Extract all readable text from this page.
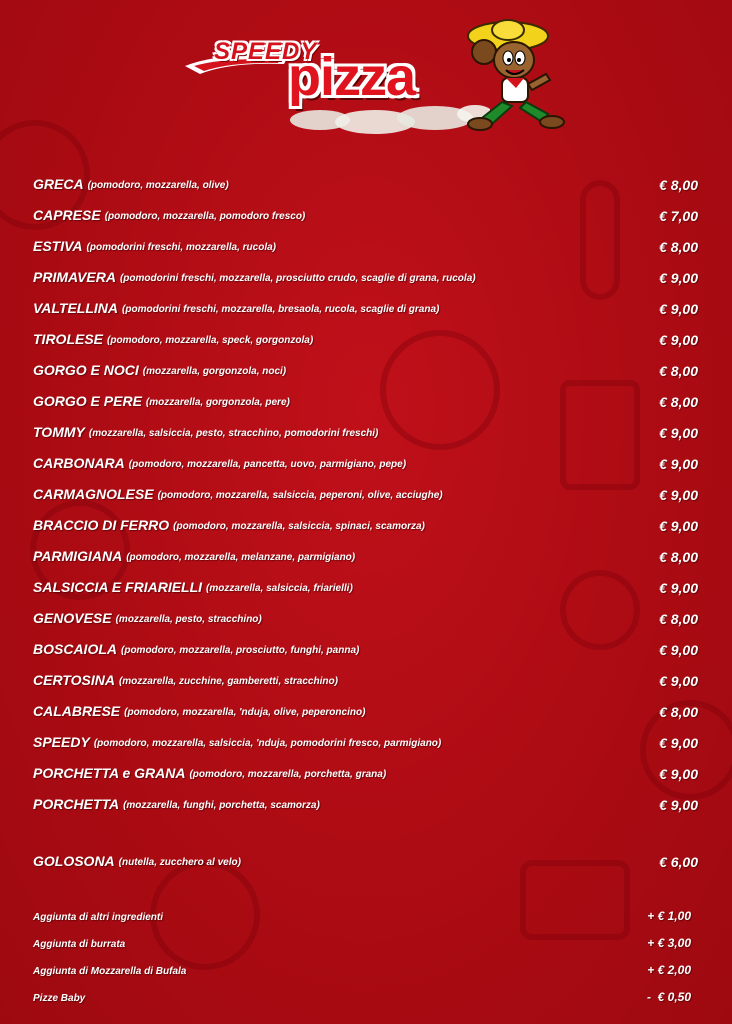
SPEEDY
pizza
GRECA (pomodoro, mozzarella, olive)	€ 8,00
CAPRESE (pomodoro, mozzarella, pomodoro fresco)	€ 7,00
ESTIVA (pomodorini freschi, mozzarella, rucola)	€ 8,00
PRIMAVERA (pomodorini freschi, mozzarella, prosciutto crudo, scaglie di grana, rucola)	€ 9,00
VALTELLINA (pomodorini freschi, mozzarella, bresaola, rucola, scaglie di grana)	€ 9,00
TIROLESE (pomodoro, mozzarella, speck, gorgonzola)	€ 9,00
GORGO E NOCI (mozzarella, gorgonzola, noci)	€ 8,00
GORGO E PERE (mozzarella, gorgonzola, pere)	€ 8,00
TOMMY (mozzarella, salsiccia, pesto, stracchino, pomodorini freschi)	€ 9,00
CARBONARA (pomodoro, mozzarella, pancetta, uovo, parmigiano, pepe)	€ 9,00
CARMAGNOLESE (pomodoro, mozzarella, salsiccia, peperoni, olive, acciughe)	€ 9,00
BRACCIO DI FERRO (pomodoro, mozzarella, salsiccia, spinaci, scamorza)	€ 9,00
PARMIGIANA (pomodoro, mozzarella, melanzane, parmigiano)	€ 8,00
SALSICCIA E FRIARIELLI (mozzarella, salsiccia, friarielli)	€ 9,00
GENOVESE (mozzarella, pesto, stracchino)	€ 8,00
BOSCAIOLA (pomodoro, mozzarella, prosciutto, funghi, panna)	€ 9,00
CERTOSINA (mozzarella, zucchine, gamberetti, stracchino)	€ 9,00
CALABRESE (pomodoro, mozzarella, 'nduja, olive, peperoncino)	€ 8,00
SPEEDY (pomodoro, mozzarella, salsiccia, 'nduja, pomodorini fresco, parmigiano)	€ 9,00
PORCHETTA e GRANA (pomodoro, mozzarella, porchetta, grana)	€ 9,00
PORCHETTA (mozzarella, funghi, porchetta, scamorza)	€ 9,00
GOLOSONA (nutella, zucchero al velo)	€ 6,00
Aggiunta di altri ingredienti	+ € 1,00
Aggiunta di burrata	+ € 3,00
Aggiunta di Mozzarella di Bufala	+ € 2,00
Pizze Baby	-  € 0,50
